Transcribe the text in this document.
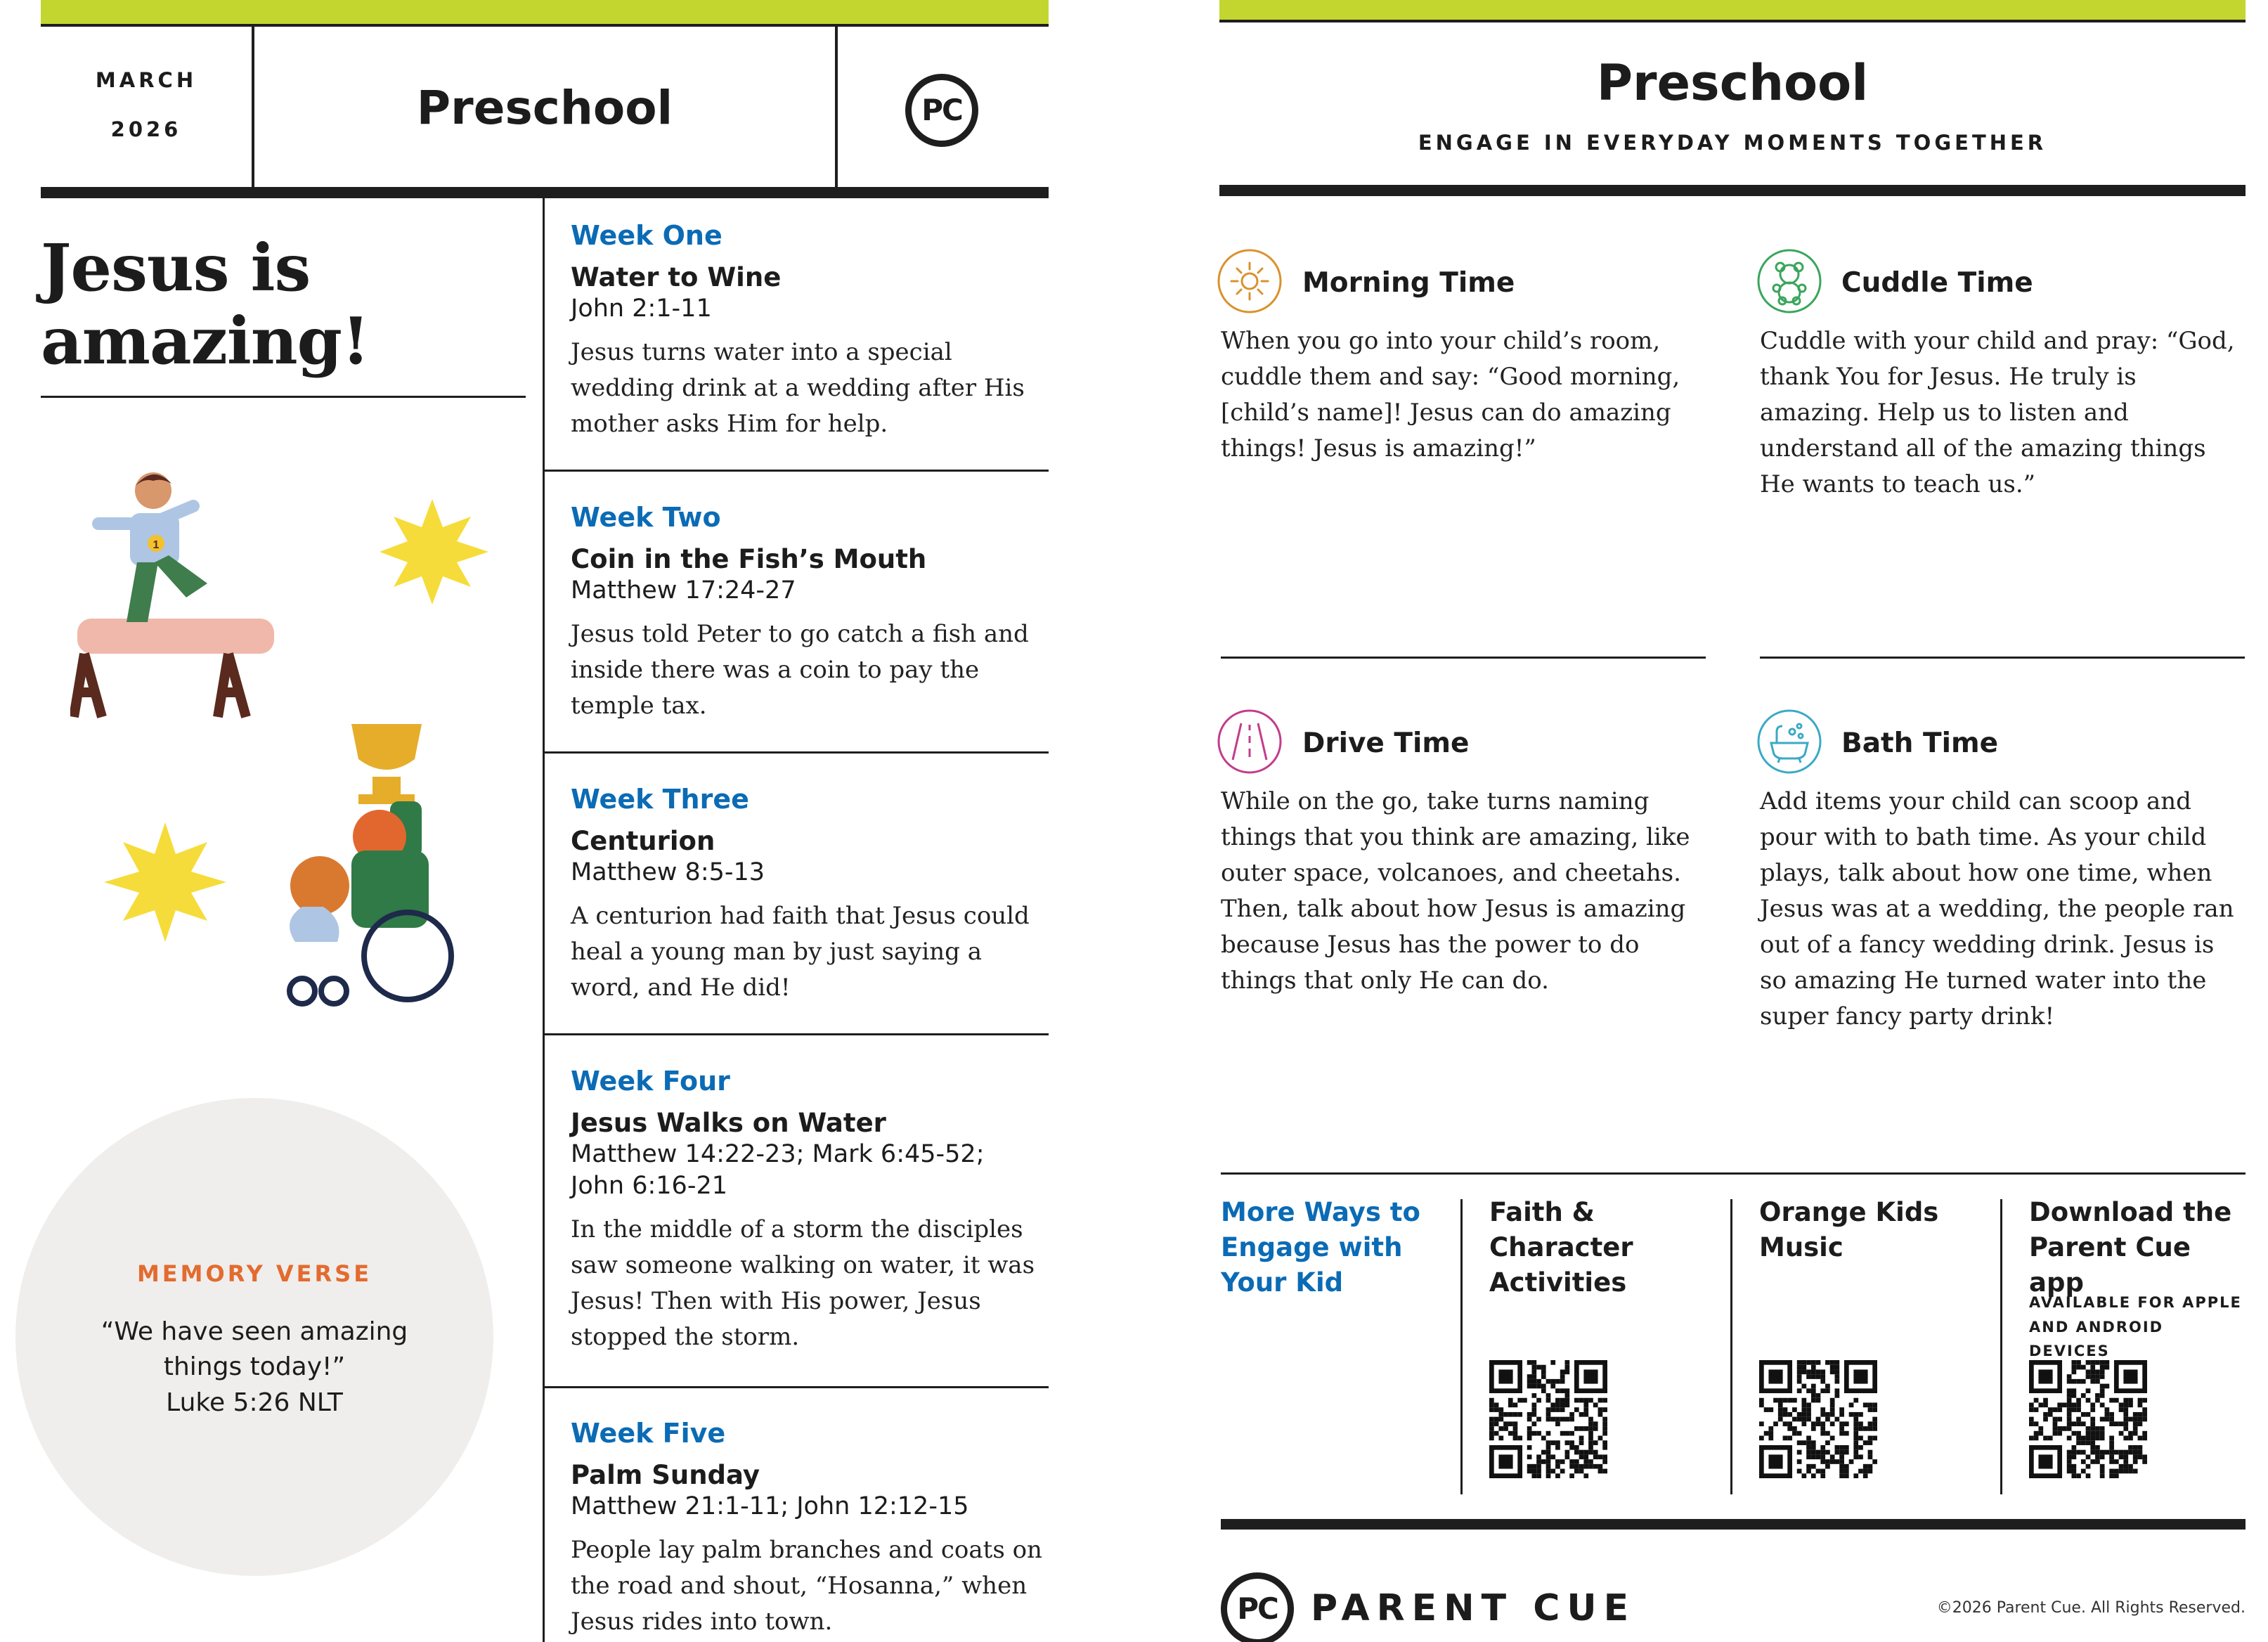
MARCH
2026	Preschool	PC
Jesus is
amazing!
1
Week One
Water to Wine
John 2:1-11
Jesus turns water into a special wedding drink at a wedding after His mother asks Him for help.
Week Two
Coin in the Fish’s Mouth
Matthew 17:24-27
Jesus told Peter to go catch a fish and inside there was a coin to pay the temple tax.
Week Three
Centurion
Matthew 8:5-13
A centurion had faith that Jesus could heal a young man by just saying a word, and He did!
Week Four
Jesus Walks on Water
Matthew 14:22-23; Mark 6:45-52;
John 6:16-21
In the middle of a storm the disciples saw someone walking on water, it was Jesus! Then with His power, Jesus stopped the storm.
Week Five
Palm Sunday
Matthew 21:1-11; John 12:12-15
People lay palm branches and coats on the road and shout, “Hosanna,” when Jesus rides into town.
MEMORY VERSE
“We have seen amazing
things today!”
Luke 5:26 NLT
Preschool
ENGAGE IN EVERYDAY MOMENTS TOGETHER
Morning Time
When you go into your child’s room, cuddle them and say: “Good morning, [child’s name]! Jesus can do amazing things! Jesus is amazing!”
Cuddle Time
Cuddle with your child and pray: “God, thank You for Jesus. He truly is amazing. Help us to listen and understand all of the amazing things He wants to teach us.”
Drive Time
While on the go, take turns naming things that you think are amazing, like outer space, volcanoes, and cheetahs. Then, talk about how Jesus is amazing because Jesus has the power to do things that only He can do.
Bath Time
Add items your child can scoop and pour with to bath time. As your child plays, talk about how one time, when Jesus was at a wedding, the people ran out of a fancy wedding drink. Jesus is so amazing He turned water into the super fancy party drink!
More Ways to
Engage with
Your Kid
Faith &
Character
Activities
Orange Kids
Music
Download the
Parent Cue app
AVAILABLE FOR APPLE
AND ANDROID DEVICES
PC PARENT CUE	©2026 Parent Cue. All Rights Reserved.
